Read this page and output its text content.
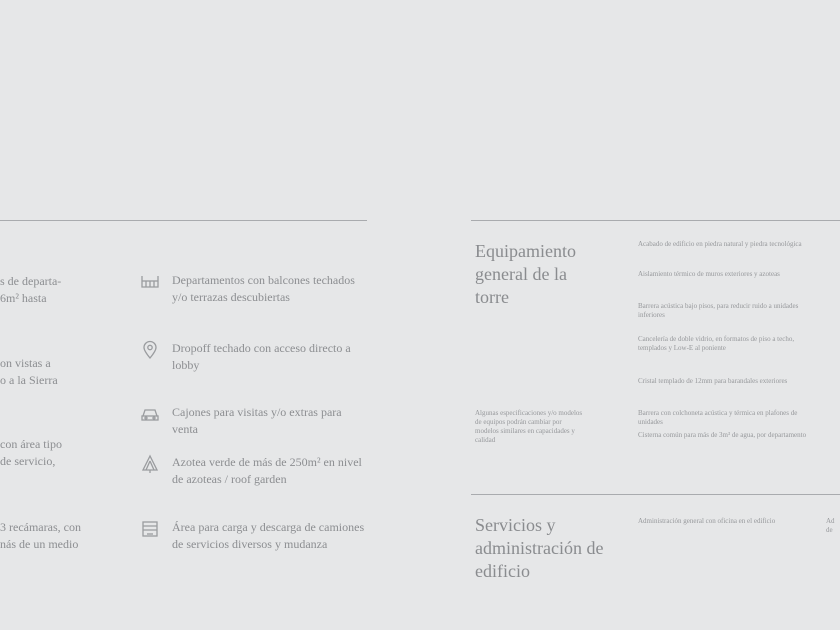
s de departa-
6m² hasta
on vistas a
o a la Sierra
con área tipo
de servicio,
3 recámaras, con
nás de un medio
Departamentos con balcones techados y/o terrazas descubiertas
Dropoff techado con acceso directo a lobby
Cajones para visitas y/o extras para venta
Azotea verde de más de 250m² en nivel de azoteas / roof garden
Área para carga y descarga de camiones de servicios diversos y mudanza
Equipamiento general de la torre
Algunas especificaciones y/o modelos de equipos podrán cambiar por modelos similares en capacidades y calidad
Acabado de edificio en piedra natural y piedra tecnológica
Aislamiento térmico de muros exteriores y azoteas
Barrera acústica bajo pisos, para reducir ruido a unidades inferiores
Cancelería de doble vidrio, en formatos de piso a techo, templados y Low-E al poniente
Cristal templado de 12mm para barandales exteriores
Barrera con colchoneta acústica y térmica en plafones de unidades
Cisterna común para más de 3m³ de agua, por departamento
Servicios y administración de edificio
Administración general con oficina en el edificio	Ad
de
